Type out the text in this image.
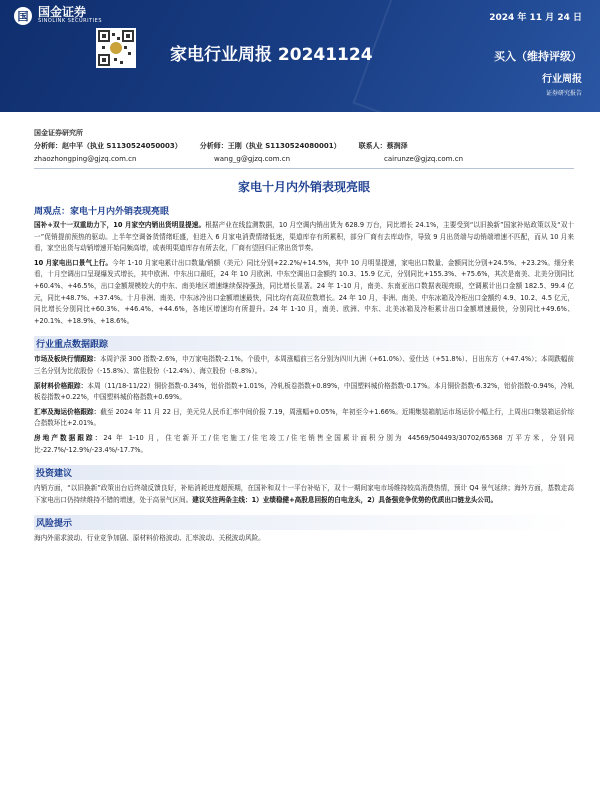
国 国金证券
SINOLINK SECURITIES	2024 年 11 月 24 日
家电行业周报 20241124	买入（维持评级）
行业周报
证券研究报告
国金证券研究所
分析师：赵中平（执业 S1130524050003）	分析师：王刚（执业 S1130524080001）	联系人：蔡润泽
zhaozhongping@gjzq.com.cn	wang_g@gjzq.com.cn	cairunze@gjzq.com.cn
家电十月内外销表现亮眼
周观点：家电十月内外销表现亮眼
国补+双十一双重助力下，10 月家空内销出货明显提速。根据产业在线监测数据，10 月空调内销出货为 628.9 万台，同比增长 24.1%，主要受到“以旧换新”国家补贴政策以及“双十一”促销提前预热的驱动。上半年空调备货情绪旺盛，但进入 6 月家电消费情绪低迷，渠道库存有所累积，部分厂商有去库动作，导致 9 月出货端与动销端增速不匹配，而从 10 月来看，家空出货与动销增速开始同频高增，或表明渠道库存有所去化，厂商有望回归正常出货节奏。
10 月家电出口景气上行。今年 1-10 月家电累计出口数量/销额（美元）同比分别+22.2%/+14.5%，其中 10 月明显提速，家电出口数量、金额同比分别+24.5%、+23.2%。细分来看，十月空调出口呈现爆发式增长，其中欧洲、中东出口最旺，24 年 10 月欧洲、中东空调出口金额约 10.3、15.9 亿元，分别同比+155.3%、+75.6%，其次是南美、北美分别同比+60.4%、+46.5%，出口金额规模较大的中东、南美地区增速继续保持强劲，同比增长显著。24 年 1-10 月，南美、东南亚出口数据表现亮眼，空调累计出口金额 182.5、99.4 亿元，同比+48.7%、+37.4%。十月非洲、南美、中东冰冷出口金额增速最快，同比均有高双位数增长。24 年 10 月，非洲、南美、中东冰箱及冷柜出口金额约 4.9、10.2、4.5 亿元，同比增长分别同比+60.3%、+46.4%、+44.6%，各地区增速均有所提升。24 年 1-10 月，南美、欧洲、中东、北美冰箱及冷柜累计出口金额增速最快，分别同比+49.6%、+20.1%、+18.9%、+18.6%。
行业重点数据跟踪
市场及板块行情跟踪：本周沪深 300 指数-2.6%，申万家电指数-2.1%。个股中，本周涨幅前三名分别为四川九洲（+61.0%）、爱仕达（+51.8%）、日出东方（+47.4%）；本周跌幅前三名分别为比依股份（-15.8%）、富佳股份（-12.4%）、海立股份（-8.8%）。
原材料价格跟踪：本周（11/18-11/22）铜价指数-0.34%，铝价指数+1.01%，冷轧板卷指数+0.89%，中国塑料城价格指数-0.17%。本月铜价指数-6.32%，铝价指数-0.94%，冷轧板卷指数+0.22%，中国塑料城价格指数+0.69%。
汇率及海运价格跟踪：截至 2024 年 11 月 22 日，美元兑人民币汇率中间价报 7.19，周涨幅+0.05%，年初至今+1.66%。近期集装箱航运市场运价小幅上行，上周出口集装箱运价综合指数环比+2.01%。
房地产数据跟踪：24 年 1-10 月，住宅新开工/住宅施工/住宅竣工/住宅销售全国累计面积分别为 44569/504493/30702/65368 万平方米，分别同比-22.7%/-12.9%/-23.4%/-17.7%。
投资建议
内销方面，“以旧换新”政策出台后终端反馈良好，补贴消耗进度超预期，在国补和双十一平台补贴下，双十一期间家电市场维持较高消费热情，预计 Q4 景气延续；海外方面，基数走高下家电出口仍持续维持不错的增速，处于高景气区间。建议关注两条主线：1）业绩稳健+高股息回报的白电龙头，2）具备强竞争优势的优质出口链龙头公司。
风险提示
海内外需求波动、行业竞争加剧、原材料价格波动、汇率波动、关税波动风险。
